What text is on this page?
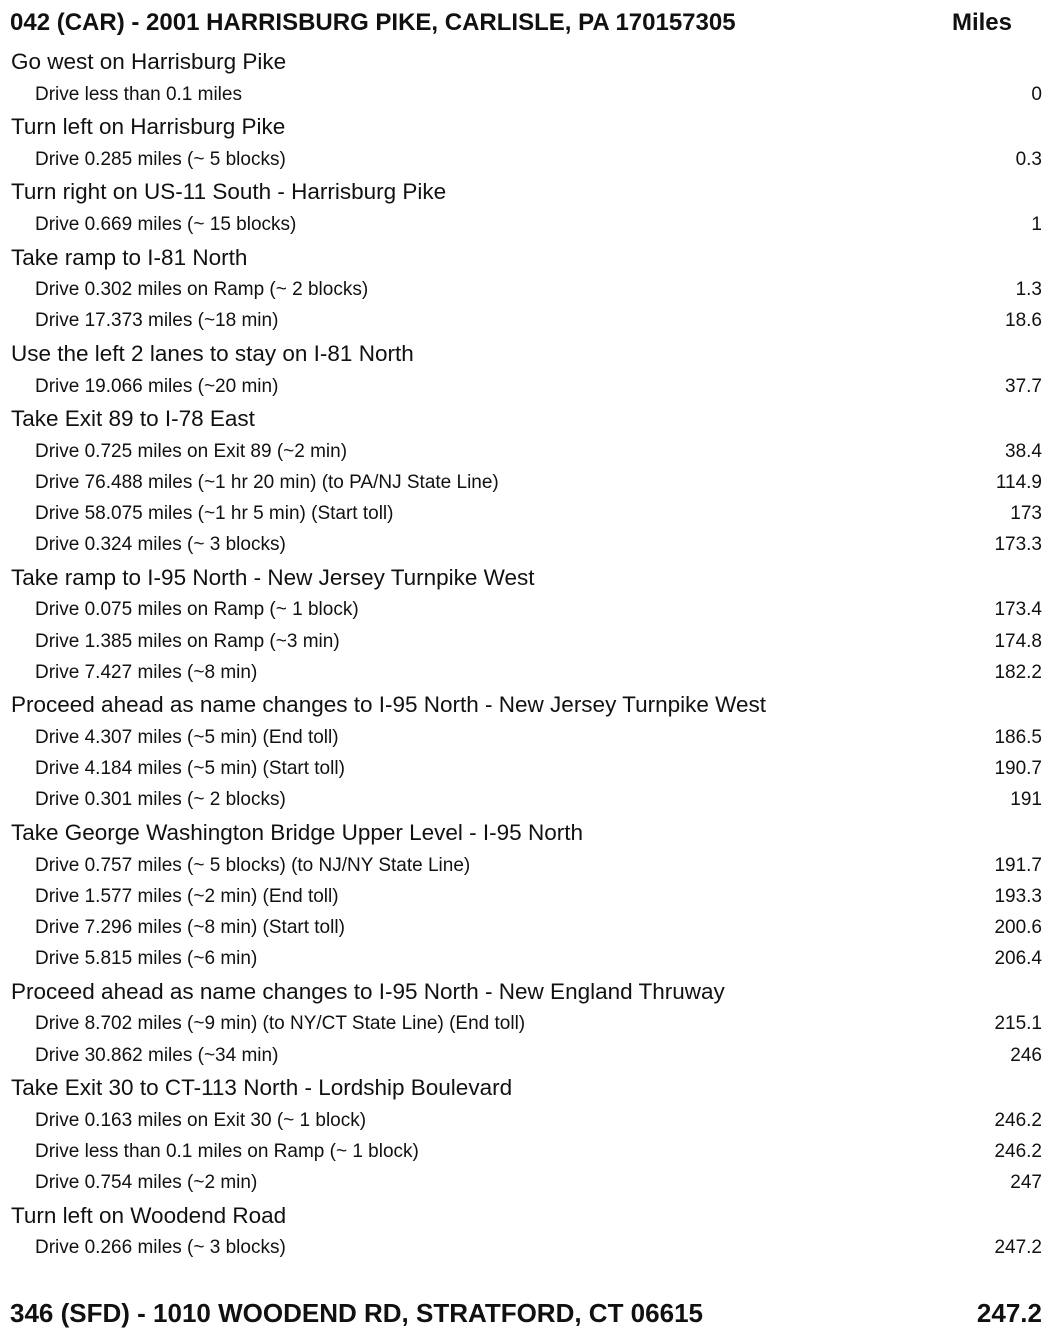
042 (CAR) - 2001 HARRISBURG PIKE, CARLISLE, PA 170157305	Miles
Go west on Harrisburg Pike
Drive less than 0.1 miles	0
Turn left on Harrisburg Pike
Drive 0.285 miles (~ 5 blocks)	0.3
Turn right on US-11 South - Harrisburg Pike
Drive 0.669 miles (~ 15 blocks)	1
Take ramp to I-81 North
Drive 0.302 miles on Ramp (~ 2 blocks)	1.3
Drive 17.373 miles (~18 min)	18.6
Use the left 2 lanes to stay on I-81 North
Drive 19.066 miles (~20 min)	37.7
Take Exit 89 to I-78 East
Drive 0.725 miles on Exit 89 (~2 min)	38.4
Drive 76.488 miles (~1 hr 20 min) (to PA/NJ State Line)	114.9
Drive 58.075 miles (~1 hr 5 min) (Start toll)	173
Drive 0.324 miles (~ 3 blocks)	173.3
Take ramp to I-95 North - New Jersey Turnpike West
Drive 0.075 miles on Ramp (~ 1 block)	173.4
Drive 1.385 miles on Ramp (~3 min)	174.8
Drive 7.427 miles (~8 min)	182.2
Proceed ahead as name changes to I-95 North - New Jersey Turnpike West
Drive 4.307 miles (~5 min) (End toll)	186.5
Drive 4.184 miles (~5 min) (Start toll)	190.7
Drive 0.301 miles (~ 2 blocks)	191
Take George Washington Bridge Upper Level - I-95 North
Drive 0.757 miles (~ 5 blocks) (to NJ/NY State Line)	191.7
Drive 1.577 miles (~2 min) (End toll)	193.3
Drive 7.296 miles (~8 min) (Start toll)	200.6
Drive 5.815 miles (~6 min)	206.4
Proceed ahead as name changes to I-95 North - New England Thruway
Drive 8.702 miles (~9 min) (to NY/CT State Line) (End toll)	215.1
Drive 30.862 miles (~34 min)	246
Take Exit 30 to CT-113 North - Lordship Boulevard
Drive 0.163 miles on Exit 30 (~ 1 block)	246.2
Drive less than 0.1 miles on Ramp (~ 1 block)	246.2
Drive 0.754 miles (~2 min)	247
Turn left on Woodend Road
Drive 0.266 miles (~ 3 blocks)	247.2
346 (SFD) - 1010 WOODEND RD, STRATFORD, CT 06615	247.2
